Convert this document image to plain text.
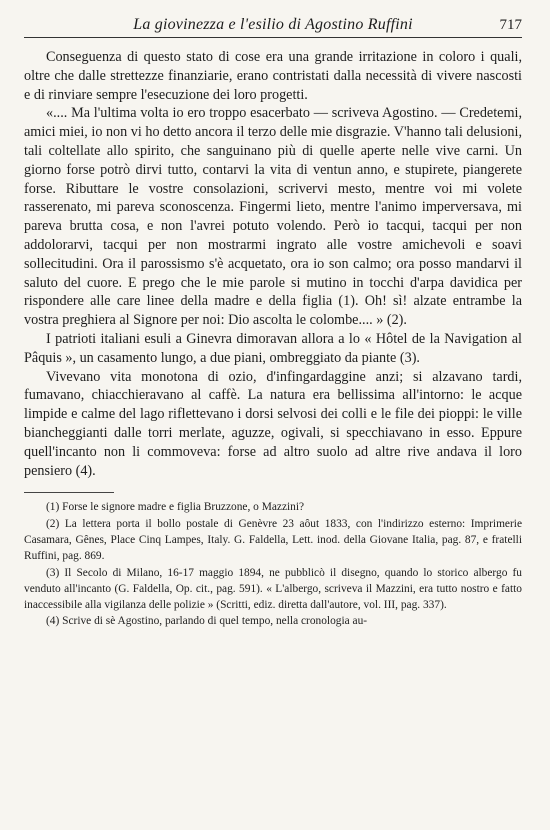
La giovinezza e l'esilio di Agostino Ruffini	717

Conseguenza di questo stato di cose era una grande irritazione in coloro i quali, oltre che dalle strettezze finanziarie, erano contristati dalla necessità di vivere nascosti e di rinviare sempre l'esecuzione dei loro progetti.

«.... Ma l'ultima volta io ero troppo esacerbato — scriveva Agostino. — Credetemi, amici miei, io non vi ho detto ancora il terzo delle mie disgrazie. V'hanno tali delusioni, tali coltellate allo spirito, che sanguinano più di quelle aperte nelle vive carni. Un giorno forse potrò dirvi tutto, contarvi la vita di ventun anno, e stupirete, piangerete forse. Ributtare le vostre consolazioni, scrivervi mesto, mentre voi mi volete rasserenato, mi pareva sconoscenza. Fingermi lieto, mentre l'animo imperversava, mi pareva brutta cosa, e non l'avrei potuto volendo. Però io tacqui, tacqui per non addolorarvi, tacqui per non mostrarmi ingrato alle vostre amichevoli e soavi sollecitudini. Ora il parossismo s'è acquetato, ora io son calmo; ora posso mandarvi il saluto del cuore. E prego che le mie parole si mutino in tocchi d'arpa davidica per rispondere alle care linee della madre e della figlia (1). Oh! sì! alzate entrambe la vostra preghiera al Signore per noi: Dio ascolta le colombe.... » (2).

I patrioti italiani esuli a Ginevra dimoravan allora a lo « Hôtel de la Navigation al Pâquis », un casamento lungo, a due piani, ombreggiato da piante (3).

Vivevano vita monotona di ozio, d'infingardaggine anzi; si alzavano tardi, fumavano, chiacchieravano al caffè. La natura era bellissima all'intorno: le acque limpide e calme del lago riflettevano i dorsi selvosi dei colli e le file dei pioppi: le ville biancheggianti dalle torri merlate, aguzze, ogivali, si specchiavano in esso. Eppure quell'incanto non li commoveva: forse ad altro suolo ad altre rive andava il loro pensiero (4).

(1) Forse le signore madre e figlia Bruzzone, o Mazzini?

(2) La lettera porta il bollo postale di Genèvre 23 aôut 1833, con l'indirizzo esterno: Imprimerie Casamara, Gênes, Place Cinq Lampes, Italy. G. Faldella, Lett. inod. della Giovane Italia, pag. 87, e fratelli Ruffini, pag. 869.

(3) Il Secolo di Milano, 16-17 maggio 1894, ne pubblicò il disegno, quando lo storico albergo fu venduto all'incanto (G. Faldella, Op. cit., pag. 591). « L'albergo, scriveva il Mazzini, era tutto nostro e fatto inaccessibile alla vigilanza delle polizie » (Scritti, ediz. diretta dall'autore, vol. III, pag. 337).

(4) Scrive di sè Agostino, parlando di quel tempo, nella cronologia au-
